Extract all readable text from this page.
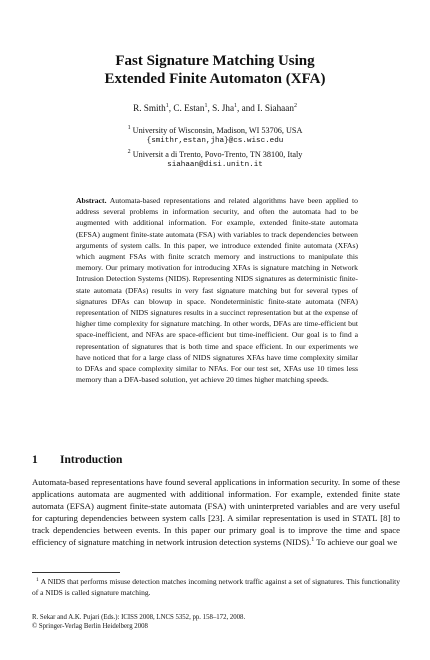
Fast Signature Matching Using
Extended Finite Automaton (XFA)
R. Smith$^1$, C. Estan$^1$, S. Jha$^1$, and I. Siahaan$^2$
$^1$ University of Wisconsin, Madison, WI 53706, USA
{smithr,estan,jha}@cs.wisc.edu
$^2$ Universit a di Trento, Povo-Trento, TN 38100, Italy
siahaan@disi.unitn.it
Abstract. Automata-based representations and related algorithms have been applied to address several problems in information security, and often the automata had to be augmented with additional information. For example, extended finite-state automata (EFSA) augment finite-state automata (FSA) with variables to track dependencies between arguments of system calls. In this paper, we introduce extended finite automata (XFAs) which augment FSAs with finite scratch memory and instructions to manipulate this memory. Our primary motivation for introducing XFAs is signature matching in Network Intrusion Detection Systems (NIDS). Representing NIDS signatures as deterministic finite-state automata (DFAs) results in very fast signature matching but for several types of signatures DFAs can blowup in space. Nondeterministic finite-state automata (NFA) representation of NIDS signatures results in a succinct representation but at the expense of higher time complexity for signature matching. In other words, DFAs are time-efficient but space-inefficient, and NFAs are space-efficient but time-inefficient. Our goal is to find a representation of signatures that is both time and space efficient. In our experiments we have noticed that for a large class of NIDS signatures XFAs have time complexity similar to DFAs and space complexity similar to NFAs. For our test set, XFAs use 10 times less memory than a DFA-based solution, yet achieve 20 times higher matching speeds.
1 Introduction
Automata-based representations have found several applications in information security. In some of these applications automata are augmented with additional information. For example, extended finite state automata (EFSA) augment finite-state automata (FSA) with uninterpreted variables and are very useful for capturing dependencies between system calls [23]. A similar representation is used in STATL [8] to track dependencies between events. In this paper our primary goal is to improve the time and space efficiency of signature matching in network intrusion detection systems (NIDS).$^1$ To achieve our goal we
$^1$ A NIDS that performs misuse detection matches incoming network traffic against a set of signatures. This functionality of a NIDS is called signature matching.
R. Sekar and A.K. Pujari (Eds.): ICISS 2008, LNCS 5352, pp. 158–172, 2008.
© Springer-Verlag Berlin Heidelberg 2008
